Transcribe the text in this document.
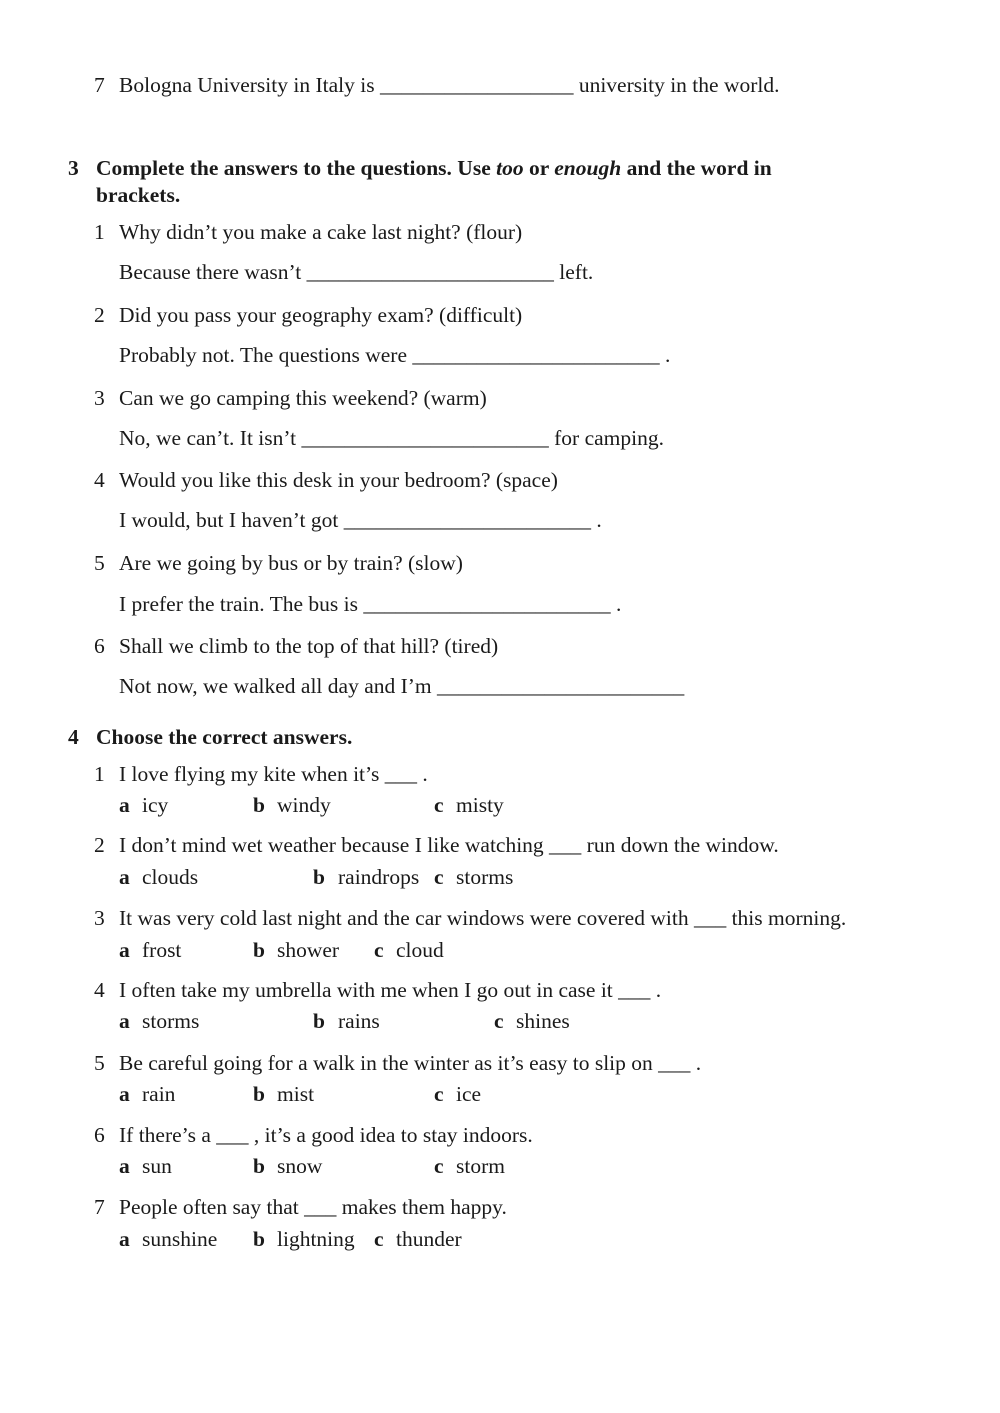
7 Bologna University in Italy is __________________ university in the world.
3 Complete the answers to the questions. Use too or enough and the word in
brackets.
1 Why didn’t you make a cake last night? (flour)
Because there wasn’t _______________________ left.
2 Did you pass your geography exam? (difficult)
Probably not. The questions were _______________________ .
3 Can we go camping this weekend? (warm)
No, we can’t. It isn’t _______________________ for camping.
4 Would you like this desk in your bedroom? (space)
I would, but I haven’t got _______________________ .
5 Are we going by bus or by train? (slow)
I prefer the train. The bus is _______________________ .
6 Shall we climb to the top of that hill? (tired)
Not now, we walked all day and I’m _______________________
4 Choose the correct answers.
1 I love flying my kite when it’s ___ .
a icy	b windy	c misty
2 I don’t mind wet weather because I like watching ___ run down the window.
a clouds	b raindrops c storms
3 It was very cold last night and the car windows were covered with ___ this morning.
a frost	b shower c cloud
4 I often take my umbrella with me when I go out in case it ___ .
a storms	b rains	c shines
5 Be careful going for a walk in the winter as it’s easy to slip on ___ .
a rain	b mist	c ice
6 If there’s a ___ , it’s a good idea to stay indoors.
a sun	b snow	c storm
7 People often say that ___ makes them happy.
a sunshine b lightning c thunder
